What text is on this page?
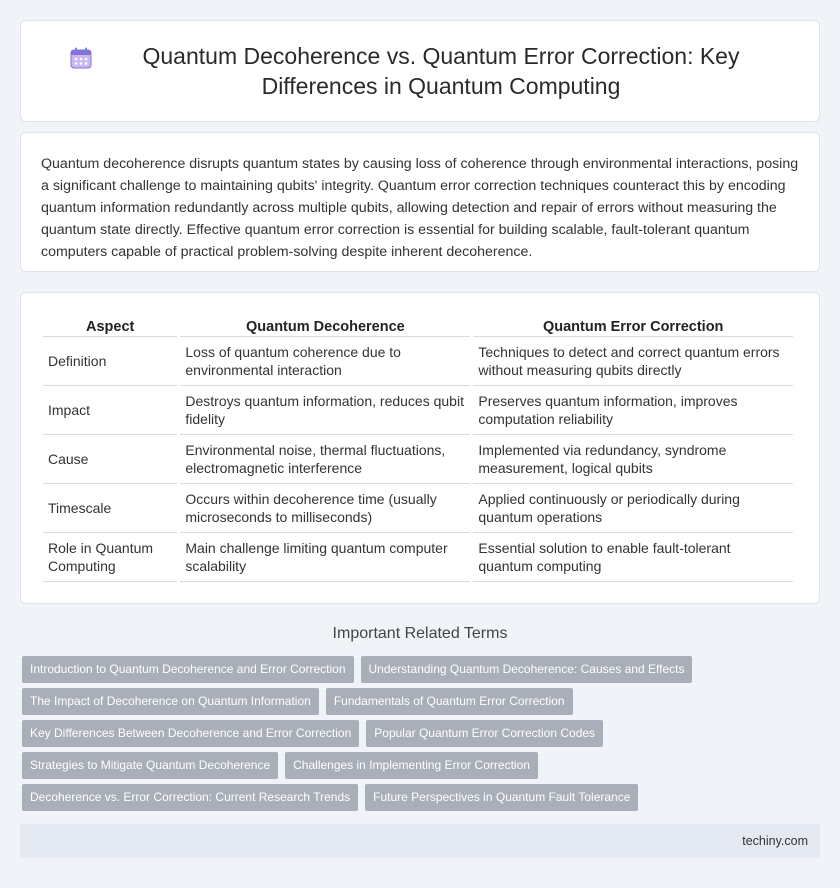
Quantum Decoherence vs. Quantum Error Correction: Key Differences in Quantum Computing

Quantum decoherence disrupts quantum states by causing loss of coherence through environmental interactions, posing a significant challenge to maintaining qubits' integrity. Quantum error correction techniques counteract this by encoding quantum information redundantly across multiple qubits, allowing detection and repair of errors without measuring the quantum state directly. Effective quantum error correction is essential for building scalable, fault-tolerant quantum computers capable of practical problem-solving despite inherent decoherence.

Aspect	Quantum Decoherence	Quantum Error Correction
Definition	Loss of quantum coherence due to environmental interaction	Techniques to detect and correct quantum errors without measuring qubits directly
Impact	Destroys quantum information, reduces qubit fidelity	Preserves quantum information, improves computation reliability
Cause	Environmental noise, thermal fluctuations, electromagnetic interference	Implemented via redundancy, syndrome measurement, logical qubits
Timescale	Occurs within decoherence time (usually microseconds to milliseconds)	Applied continuously or periodically during quantum operations
Role in Quantum Computing	Main challenge limiting quantum computer scalability	Essential solution to enable fault-tolerant quantum computing
Important Related Terms
Introduction to Quantum Decoherence and Error Correction	Understanding Quantum Decoherence: Causes and Effects
The Impact of Decoherence on Quantum Information	Fundamentals of Quantum Error Correction
Key Differences Between Decoherence and Error Correction	Popular Quantum Error Correction Codes
Strategies to Mitigate Quantum Decoherence	Challenges in Implementing Error Correction
Decoherence vs. Error Correction: Current Research Trends	Future Perspectives in Quantum Fault Tolerance
techiny.com
